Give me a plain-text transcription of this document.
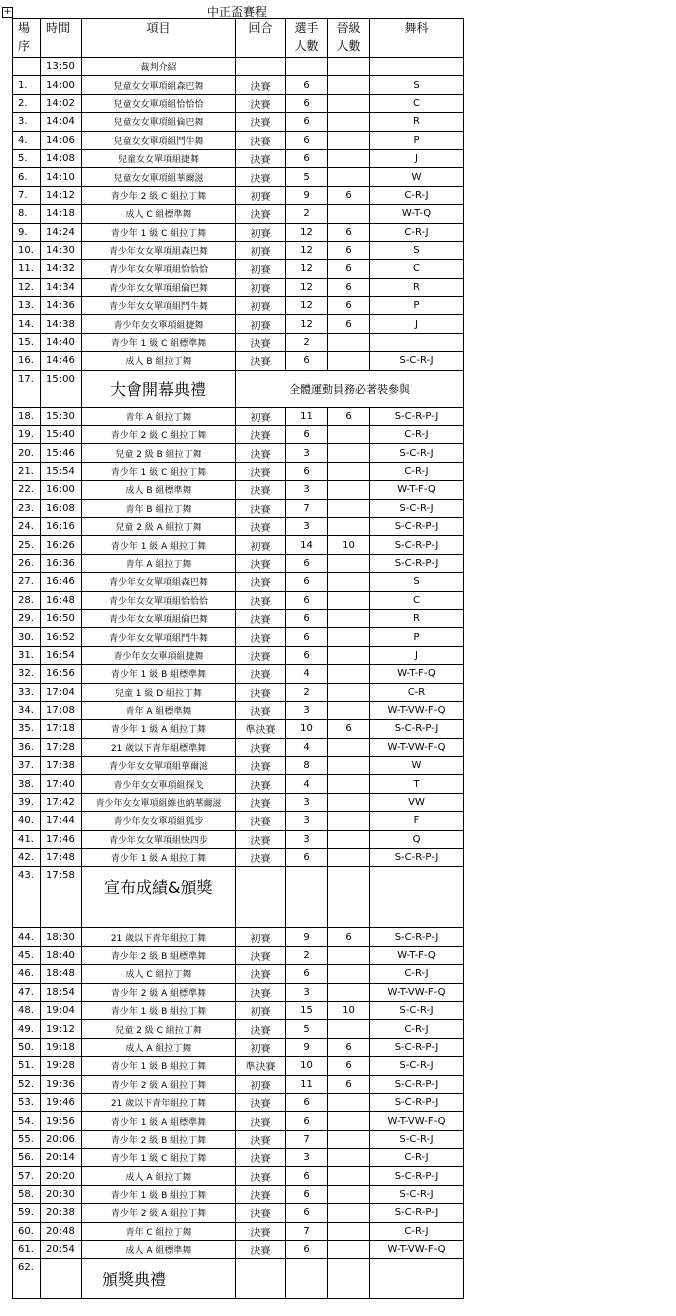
+	中正盃賽程
場
序	時間	項目	回合	選手
人數	晉級
人數	舞科
	13:50	裁判介紹				
1.	14:00	兒童女女單項組森巴舞	決賽	6		S
2.	14:02	兒童女女單項組恰恰恰	決賽	6		C
3.	14:04	兒童女女單項組倫巴舞	決賽	6		R
4.	14:06	兒童女女單項組鬥牛舞	決賽	6		P
5.	14:08	兒童女女單項組捷舞	決賽	6		J
6.	14:10	兒童女女單項組華爾滋	決賽	5		W
7.	14:12	青少年 2 級 C 組拉丁舞	初賽	9	6	C-R-J
8.	14:18	成人 C 組標準舞	決賽	2		W-T-Q
9.	14:24	青少年 1 級 C 組拉丁舞	初賽	12	6	C-R-J
10.	14:30	青少年女女單項組森巴舞	初賽	12	6	S
11.	14:32	青少年女女單項組恰恰恰	初賽	12	6	C
12.	14:34	青少年女女單項組倫巴舞	初賽	12	6	R
13.	14:36	青少年女女單項組鬥牛舞	初賽	12	6	P
14.	14:38	青少年女女單項組捷舞	初賽	12	6	J
15.	14:40	青少年 1 級 C 組標準舞	決賽	2		
16.	14:46	成人 B 組拉丁舞	決賽	6		S-C-R-J
17.	15:00	大會開幕典禮	全體運動員務必著裝參與			
18.	15:30	青年 A 組拉丁舞	初賽	11	6	S-C-R-P-J
19.	15:40	青少年 2 級 C 組拉丁舞	決賽	6		C-R-J
20.	15:46	兒童 2 級 B 組拉丁舞	決賽	3		S-C-R-J
21.	15:54	青少年 1 級 C 組拉丁舞	決賽	6		C-R-J
22.	16:00	成人 B 組標準舞	決賽	3		W-T-F-Q
23.	16:08	青年 B 組拉丁舞	決賽	7		S-C-R-J
24.	16:16	兒童 2 級 A 組拉丁舞	決賽	3		S-C-R-P-J
25.	16:26	青少年 1 級 A 組拉丁舞	初賽	14	10	S-C-R-P-J
26.	16:36	青年 A 組拉丁舞	決賽	6		S-C-R-P-J
27.	16:46	青少年女女單項組森巴舞	決賽	6		S
28.	16:48	青少年女女單項組恰恰恰	決賽	6		C
29.	16:50	青少年女女單項組倫巴舞	決賽	6		R
30.	16:52	青少年女女單項組鬥牛舞	決賽	6		P
31.	16:54	青少年女女單項組捷舞	決賽	6		J
32.	16:56	青少年 1 級 B 組標準舞	決賽	4		W-T-F-Q
33.	17:04	兒童 1 級 D 組拉丁舞	決賽	2		C-R
34.	17:08	青年 A 組標準舞	決賽	3		W-T-VW-F-Q
35.	17:18	青少年 1 級 A 組拉丁舞	準決賽	10	6	S-C-R-P-J
36.	17:28	21 歲以下青年組標準舞	決賽	4		W-T-VW-F-Q
37.	17:38	青少年女女單項組華爾滋	決賽	8		W
38.	17:40	青少年女女單項組探戈	決賽	4		T
39.	17:42	青少年女女單項組維也納華爾滋	決賽	3		VW
40.	17:44	青少年女女單項組狐步	決賽	3		F
41.	17:46	青少年女女單項組快四步	決賽	3		Q
42.	17:48	青少年 1 級 A 組拉丁舞	決賽	6		S-C-R-P-J
43.	17:58	宣布成績&頒獎				
44.	18:30	21 歲以下青年組拉丁舞	初賽	9	6	S-C-R-P-J
45.	18:40	青少年 2 級 B 組標準舞	決賽	2		W-T-F-Q
46.	18:48	成人 C 組拉丁舞	決賽	6		C-R-J
47.	18:54	青少年 2 級 A 組標準舞	決賽	3		W-T-VW-F-Q
48.	19:04	青少年 1 級 B 組拉丁舞	初賽	15	10	S-C-R-J
49.	19:12	兒童 2 級 C 組拉丁舞	決賽	5		C-R-J
50.	19:18	成人 A 組拉丁舞	初賽	9	6	S-C-R-P-J
51.	19:28	青少年 1 級 B 組拉丁舞	準決賽	10	6	S-C-R-J
52.	19:36	青少年 2 級 A 組拉丁舞	初賽	11	6	S-C-R-P-J
53.	19:46	21 歲以下青年組拉丁舞	決賽	6		S-C-R-P-J
54.	19:56	青少年 1 級 A 組標準舞	決賽	6		W-T-VW-F-Q
55.	20:06	青少年 2 級 B 組拉丁舞	決賽	7		S-C-R-J
56.	20:14	青少年 1 級 C 組拉丁舞	決賽	3		C-R-J
57.	20:20	成人 A 組拉丁舞	決賽	6		S-C-R-P-J
58.	20:30	青少年 1 級 B 組拉丁舞	決賽	6		S-C-R-J
59.	20:38	青少年 2 級 A 組拉丁舞	決賽	6		S-C-R-P-J
60.	20:48	青年 C 組拉丁舞	決賽	7		C-R-J
61.	20:54	成人 A 組標準舞	決賽	6		W-T-VW-F-Q
62.		頒獎典禮				
